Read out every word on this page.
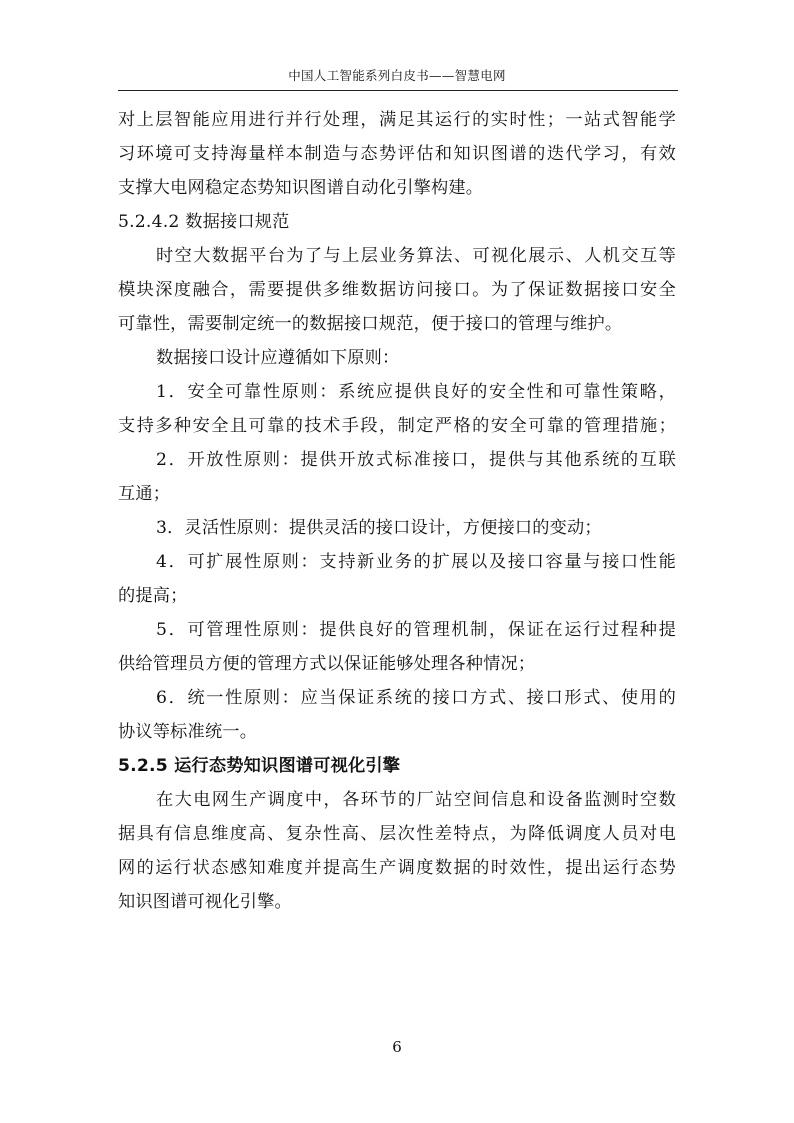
中国人工智能系列白皮书——智慧电网
对上层智能应用进行并行处理，满足其运行的实时性；一站式智能学
习环境可支持海量样本制造与态势评估和知识图谱的迭代学习，有效
支撑大电网稳定态势知识图谱自动化引擎构建。
5.2.4.2 数据接口规范
时空大数据平台为了与上层业务算法、可视化展示、人机交互等
模块深度融合，需要提供多维数据访问接口。为了保证数据接口安全
可靠性，需要制定统一的数据接口规范，便于接口的管理与维护。
数据接口设计应遵循如下原则：
1．安全可靠性原则：系统应提供良好的安全性和可靠性策略，
支持多种安全且可靠的技术手段，制定严格的安全可靠的管理措施；
2．开放性原则：提供开放式标准接口，提供与其他系统的互联
互通；
3．灵活性原则：提供灵活的接口设计，方便接口的变动；
4．可扩展性原则：支持新业务的扩展以及接口容量与接口性能
的提高；
5．可管理性原则：提供良好的管理机制，保证在运行过程种提
供给管理员方便的管理方式以保证能够处理各种情况；
6．统一性原则：应当保证系统的接口方式、接口形式、使用的
协议等标准统一。
5.2.5 运行态势知识图谱可视化引擎
在大电网生产调度中，各环节的厂站空间信息和设备监测时空数
据具有信息维度高、复杂性高、层次性差特点，为降低调度人员对电
网的运行状态感知难度并提高生产调度数据的时效性，提出运行态势
知识图谱可视化引擎。
6
